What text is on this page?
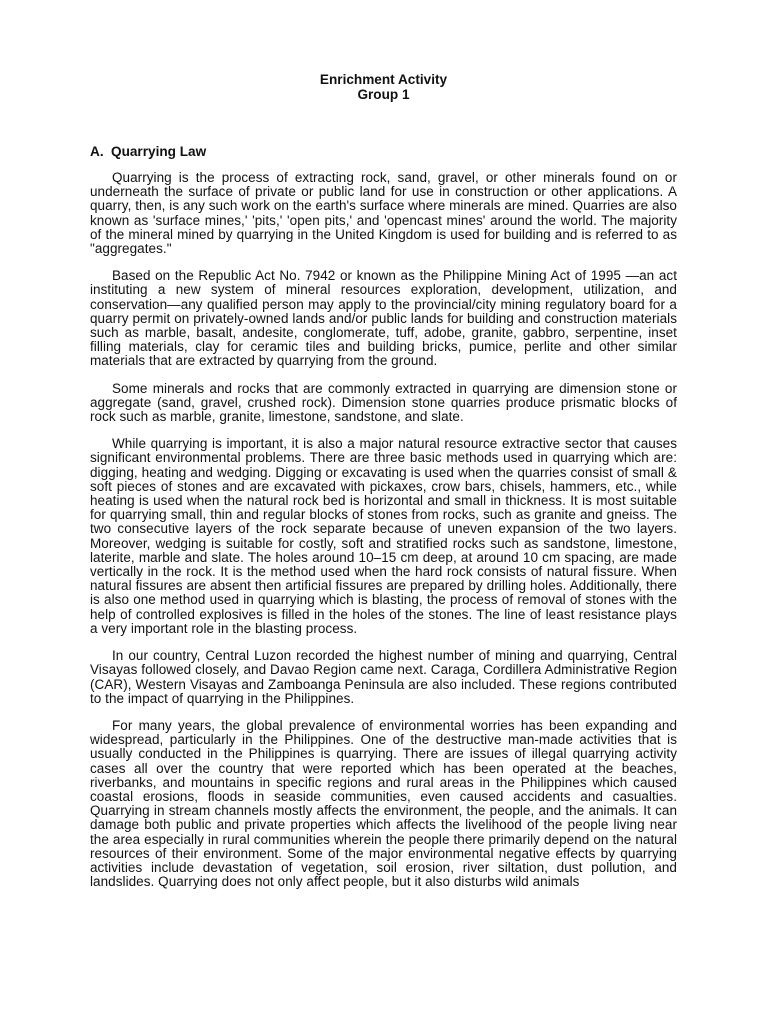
Enrichment Activity

Group 1

A. Quarrying Law

Quarrying is the process of extracting rock, sand, gravel, or other minerals found on or underneath the surface of private or public land for use in construction or other applications. A quarry, then, is any such work on the earth's surface where minerals are mined. Quarries are also known as 'surface mines,' 'pits,' 'open pits,' and 'opencast mines' around the world. The majority of the mineral mined by quarrying in the United Kingdom is used for building and is referred to as "aggregates."

Based on the Republic Act No. 7942 or known as the Philippine Mining Act of 1995 —an act instituting a new system of mineral resources exploration, development, utilization, and conservation—any qualified person may apply to the provincial/city mining regulatory board for a quarry permit on privately-owned lands and/or public lands for building and construction materials such as marble, basalt, andesite, conglomerate, tuff, adobe, granite, gabbro, serpentine, inset filling materials, clay for ceramic tiles and building bricks, pumice, perlite and other similar materials that are extracted by quarrying from the ground.

Some minerals and rocks that are commonly extracted in quarrying are dimension stone or aggregate (sand, gravel, crushed rock). Dimension stone quarries produce prismatic blocks of rock such as marble, granite, limestone, sandstone, and slate.

While quarrying is important, it is also a major natural resource extractive sector that causes significant environmental problems. There are three basic methods used in quarrying which are: digging, heating and wedging. Digging or excavating is used when the quarries consist of small & soft pieces of stones and are excavated with pickaxes, crow bars, chisels, hammers, etc., while heating is used when the natural rock bed is horizontal and small in thickness. It is most suitable for quarrying small, thin and regular blocks of stones from rocks, such as granite and gneiss. The two consecutive layers of the rock separate because of uneven expansion of the two layers. Moreover, wedging is suitable for costly, soft and stratified rocks such as sandstone, limestone, laterite, marble and slate. The holes around 10–15 cm deep, at around 10 cm spacing, are made vertically in the rock. It is the method used when the hard rock consists of natural fissure. When natural fissures are absent then artificial fissures are prepared by drilling holes. Additionally, there is also one method used in quarrying which is blasting, the process of removal of stones with the help of controlled explosives is filled in the holes of the stones. The line of least resistance plays a very important role in the blasting process.

In our country, Central Luzon recorded the highest number of mining and quarrying, Central Visayas followed closely, and Davao Region came next. Caraga, Cordillera Administrative Region (CAR), Western Visayas and Zamboanga Peninsula are also included. These regions contributed to the impact of quarrying in the Philippines.

For many years, the global prevalence of environmental worries has been expanding and widespread, particularly in the Philippines. One of the destructive man-made activities that is usually conducted in the Philippines is quarrying. There are issues of illegal quarrying activity cases all over the country that were reported which has been operated at the beaches, riverbanks, and mountains in specific regions and rural areas in the Philippines which caused coastal erosions, floods in seaside communities, even caused accidents and casualties. Quarrying in stream channels mostly affects the environment, the people, and the animals. It can damage both public and private properties which affects the livelihood of the people living near the area especially in rural communities wherein the people there primarily depend on the natural resources of their environment. Some of the major environmental negative effects by quarrying activities include devastation of vegetation, soil erosion, river siltation, dust pollution, and landslides. Quarrying does not only affect people, but it also disturbs wild animals
